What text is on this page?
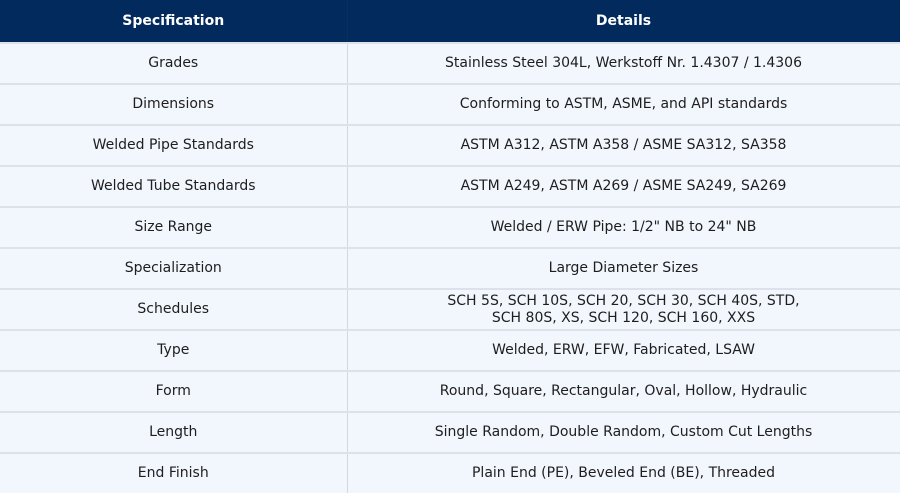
Specification	Details
Grades	Stainless Steel 304L, Werkstoff Nr. 1.4307 / 1.4306
Dimensions	Conforming to ASTM, ASME, and API standards
Welded Pipe Standards	ASTM A312, ASTM A358 / ASME SA312, SA358
Welded Tube Standards	ASTM A249, ASTM A269 / ASME SA249, SA269
Size Range	Welded / ERW Pipe: 1/2" NB to 24" NB
Specialization	Large Diameter Sizes
Schedules	SCH 5S, SCH 10S, SCH 20, SCH 30, SCH 40S, STD,
SCH 80S, XS, SCH 120, SCH 160, XXS
Type	Welded, ERW, EFW, Fabricated, LSAW
Form	Round, Square, Rectangular, Oval, Hollow, Hydraulic
Length	Single Random, Double Random, Custom Cut Lengths
End Finish	Plain End (PE), Beveled End (BE), Threaded
